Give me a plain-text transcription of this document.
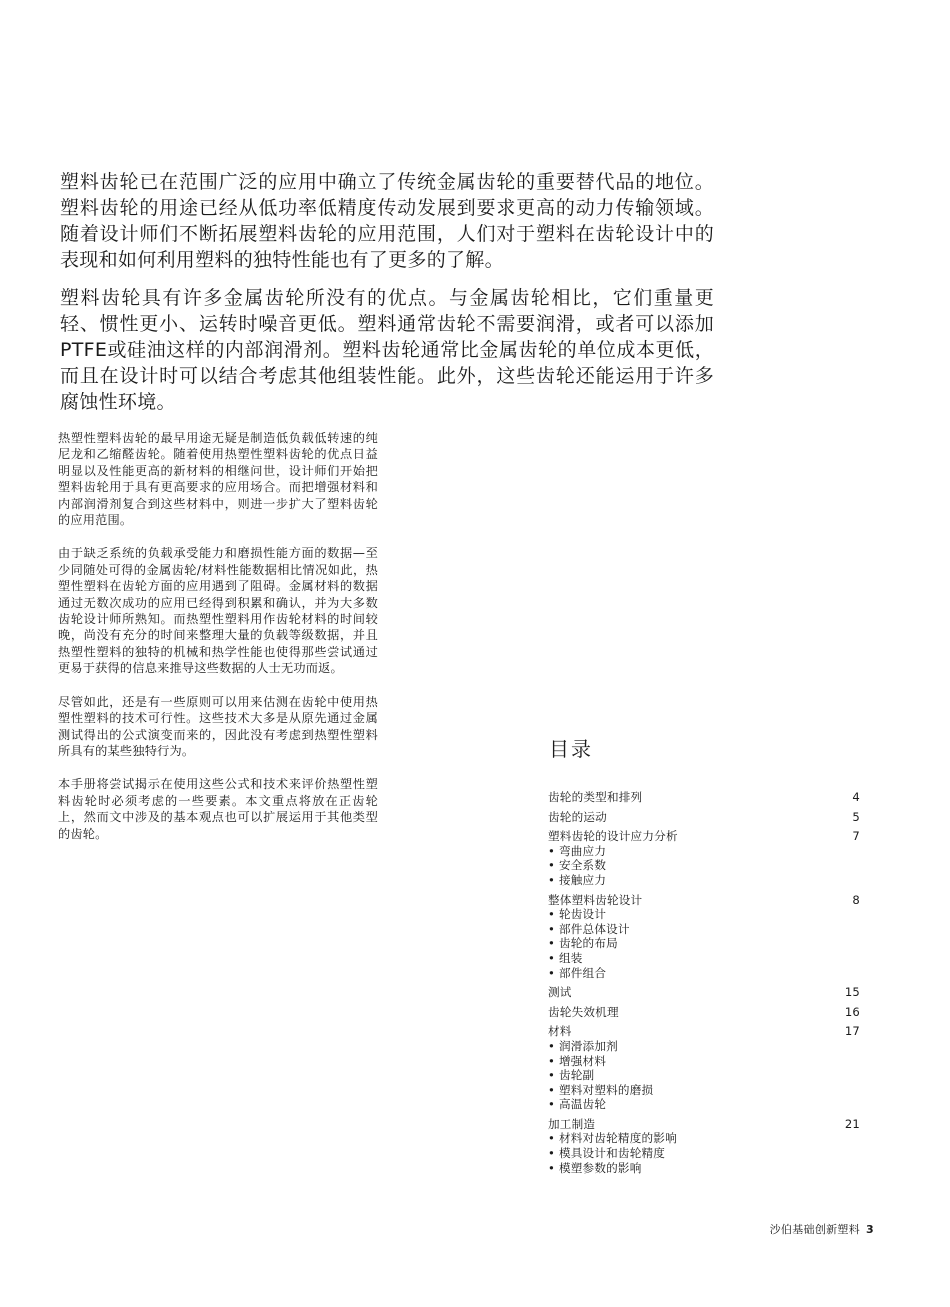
塑料齿轮已在范围广泛的应用中确立了传统金属齿轮的重要替代品的地位。塑料齿轮的用途已经从低功率低精度传动发展到要求更高的动力传输领域。随着设计师们不断拓展塑料齿轮的应用范围，人们对于塑料在齿轮设计中的表现和如何利用塑料的独特性能也有了更多的了解。

塑料齿轮具有许多金属齿轮所没有的优点。与金属齿轮相比，它们重量更轻、惯性更小、运转时噪音更低。塑料通常齿轮不需要润滑，或者可以添加PTFE或硅油这样的内部润滑剂。塑料齿轮通常比金属齿轮的单位成本更低，而且在设计时可以结合考虑其他组装性能。此外，这些齿轮还能运用于许多腐蚀性环境。

热塑性塑料齿轮的最早用途无疑是制造低负载低转速的纯尼龙和乙缩醛齿轮。随着使用热塑性塑料齿轮的优点日益明显以及性能更高的新材料的相继问世，设计师们开始把塑料齿轮用于具有更高要求的应用场合。而把增强材料和内部润滑剂复合到这些材料中，则进一步扩大了塑料齿轮的应用范围。

由于缺乏系统的负载承受能力和磨损性能方面的数据—至少同随处可得的金属齿轮/材料性能数据相比情况如此，热塑性塑料在齿轮方面的应用遇到了阻碍。金属材料的数据通过无数次成功的应用已经得到积累和确认，并为大多数齿轮设计师所熟知。而热塑性塑料用作齿轮材料的时间较晚，尚没有充分的时间来整理大量的负载等级数据，并且热塑性塑料的独特的机械和热学性能也使得那些尝试通过更易于获得的信息来推导这些数据的人士无功而返。

尽管如此，还是有一些原则可以用来估测在齿轮中使用热塑性塑料的技术可行性。这些技术大多是从原先通过金属测试得出的公式演变而来的，因此没有考虑到热塑性塑料所具有的某些独特行为。

本手册将尝试揭示在使用这些公式和技术来评价热塑性塑料齿轮时必须考虑的一些要素。本文重点将放在正齿轮上，然而文中涉及的基本观点也可以扩展运用于其他类型的齿轮。

目录
齿轮的类型和排列	4
齿轮的运动	5
塑料齿轮的设计应力分析	7
• 弯曲应力
• 安全系数
• 接触应力
整体塑料齿轮设计	8
• 轮齿设计
• 部件总体设计
• 齿轮的布局
• 组装
• 部件组合
测试	15
齿轮失效机理	16
材料	17
• 润滑添加剂
• 增强材料
• 齿轮副
• 塑料对塑料的磨损
• 高温齿轮
加工制造	21
• 材料对齿轮精度的影响
• 模具设计和齿轮精度
• 模塑参数的影响
沙伯基础创新塑料 3
